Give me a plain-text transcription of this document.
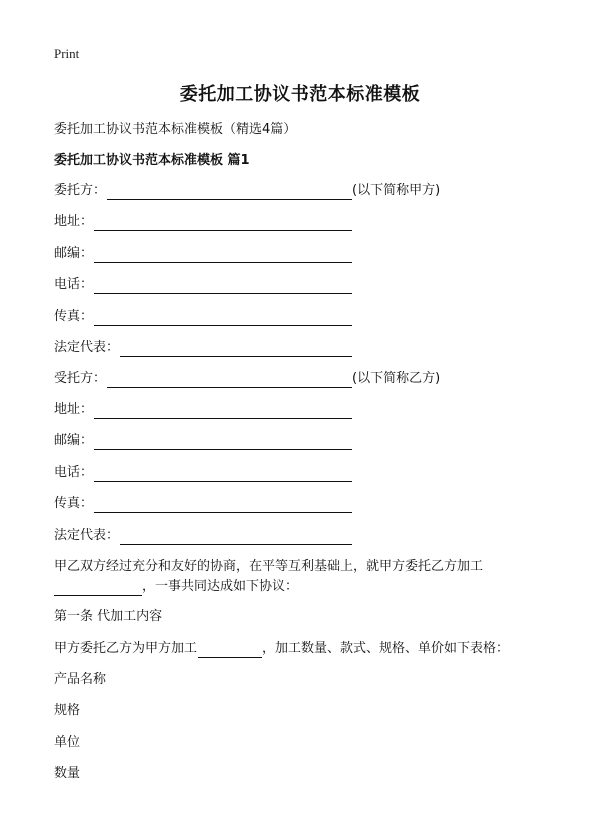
Print
委托加工协议书范本标准模板
委托加工协议书范本标准模板（精选4篇）
委托加工协议书范本标准模板 篇1
委托方：	(以下简称甲方)
地址：
邮编：
电话：
传真：
法定代表：
受托方：	(以下简称乙方)
地址：
邮编：
电话：
传真：
法定代表：
甲乙双方经过充分和友好的协商，在平等互利基础上，就甲方委托乙方加工
，一事共同达成如下协议：
第一条 代加工内容
甲方委托乙方为甲方加工	，加工数量、款式、规格、单价如下表格：
产品名称
规格
单位
数量
